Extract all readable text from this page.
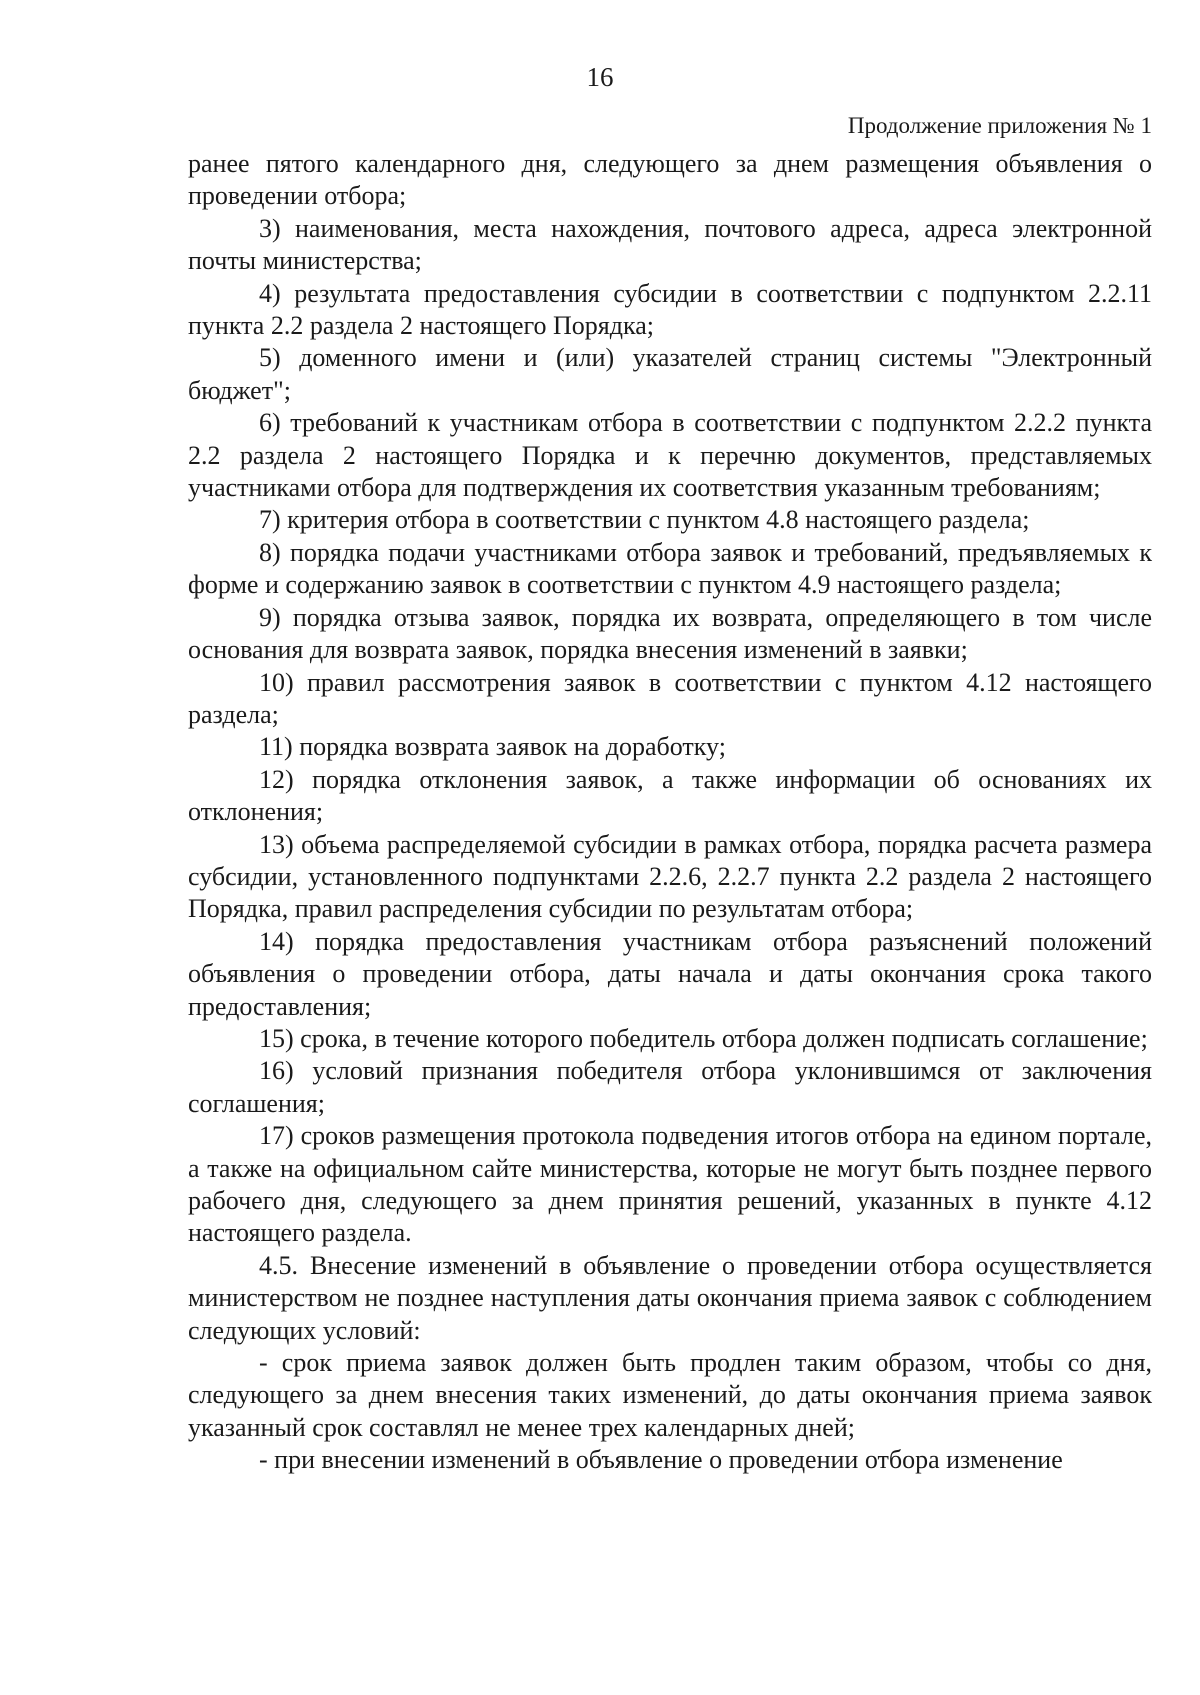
16
Продолжение приложения № 1

ранее пятого календарного дня, следующего за днем размещения объявления о проведении отбора;

3) наименования, места нахождения, почтового адреса, адреса электронной почты министерства;

4) результата предоставления субсидии в соответствии с подпунктом 2.2.11 пункта 2.2 раздела 2 настоящего Порядка;

5) доменного имени и (или) указателей страниц системы "Электронный бюджет";

6) требований к участникам отбора в соответствии с подпунктом 2.2.2 пункта 2.2 раздела 2 настоящего Порядка и к перечню документов, представляемых участниками отбора для подтверждения их соответствия указанным требованиям;

7) критерия отбора в соответствии с пунктом 4.8 настоящего раздела;

8) порядка подачи участниками отбора заявок и требований, предъявляемых к форме и содержанию заявок в соответствии с пунктом 4.9 настоящего раздела;

9) порядка отзыва заявок, порядка их возврата, определяющего в том числе основания для возврата заявок, порядка внесения изменений в заявки;

10) правил рассмотрения заявок в соответствии с пунктом 4.12 настоящего раздела;

11) порядка возврата заявок на доработку;

12) порядка отклонения заявок, а также информации об основаниях их отклонения;

13) объема распределяемой субсидии в рамках отбора, порядка расчета размера субсидии, установленного подпунктами 2.2.6, 2.2.7 пункта 2.2 раздела 2 настоящего Порядка, правил распределения субсидии по результатам отбора;

14) порядка предоставления участникам отбора разъяснений положений объявления о проведении отбора, даты начала и даты окончания срока такого предоставления;

15) срока, в течение которого победитель отбора должен подписать соглашение;

16) условий признания победителя отбора уклонившимся от заключения соглашения;

17) сроков размещения протокола подведения итогов отбора на едином портале, а также на официальном сайте министерства, которые не могут быть позднее первого рабочего дня, следующего за днем принятия решений, указанных в пункте 4.12 настоящего раздела.

4.5. Внесение изменений в объявление о проведении отбора осуществляется министерством не позднее наступления даты окончания приема заявок с соблюдением следующих условий:

- срок приема заявок должен быть продлен таким образом, чтобы со дня, следующего за днем внесения таких изменений, до даты окончания приема заявок указанный срок составлял не менее трех календарных дней;

- при внесении изменений в объявление о проведении отбора изменение
